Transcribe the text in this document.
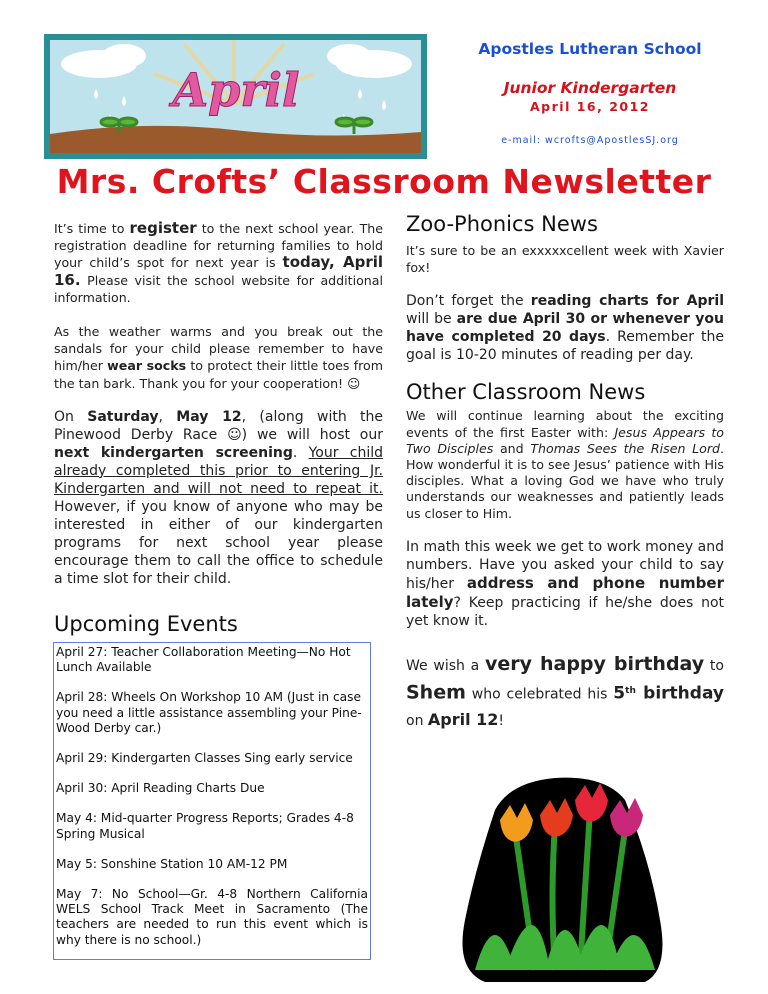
April
Apostles Lutheran School
Junior Kindergarten
April 16, 2012
e-mail: wcrofts@ApostlesSJ.org
Mrs. Crofts’ Classroom Newsletter

It’s time to register to the next school year. The registration deadline for returning families to hold your child’s spot for next year is today, April 16. Please visit the school website for additional information.

As the weather warms and you break out the sandals for your child please remember to have him/her wear socks to protect their little toes from the tan bark. Thank you for your cooperation! ☺

On Saturday, May 12, (along with the Pinewood Derby Race ☺) we will host our next kindergarten screening. Your child already completed this prior to entering Jr. Kindergarten and will not need to repeat it. However, if you know of anyone who may be interested in either of our kindergarten programs for next school year please encourage them to call the office to schedule a time slot for their child.

Upcoming Events

April 27: Teacher Collaboration Meeting—No Hot Lunch Available

April 28: Wheels On Workshop 10 AM (Just in case you need a little assistance assembling your Pine-Wood Derby car.)

April 29: Kindergarten Classes Sing early service

April 30: April Reading Charts Due

May 4: Mid-quarter Progress Reports; Grades 4-8 Spring Musical

May 5: Sonshine Station 10 AM-12 PM

May 7: No School—Gr. 4-8 Northern California WELS School Track Meet in Sacramento (The teachers are needed to run this event which is why there is no school.)

Zoo-Phonics News

It’s sure to be an exxxxxcellent week with Xavier fox!

Don’t forget the reading charts for April will be are due April 30 or whenever you have completed 20 days. Remember the goal is 10-20 minutes of reading per day.

Other Classroom News

We will continue learning about the exciting events of the first Easter with: Jesus Appears to Two Disciples and Thomas Sees the Risen Lord. How wonderful it is to see Jesus’ patience with His disciples. What a loving God we have who truly understands our weaknesses and patiently leads us closer to Him.

In math this week we get to work money and numbers. Have you asked your child to say his/her address and phone number lately? Keep practicing if he/she does not yet know it.

We wish a very happy birthday to Shem who celebrated his 5th birthday on April 12!
